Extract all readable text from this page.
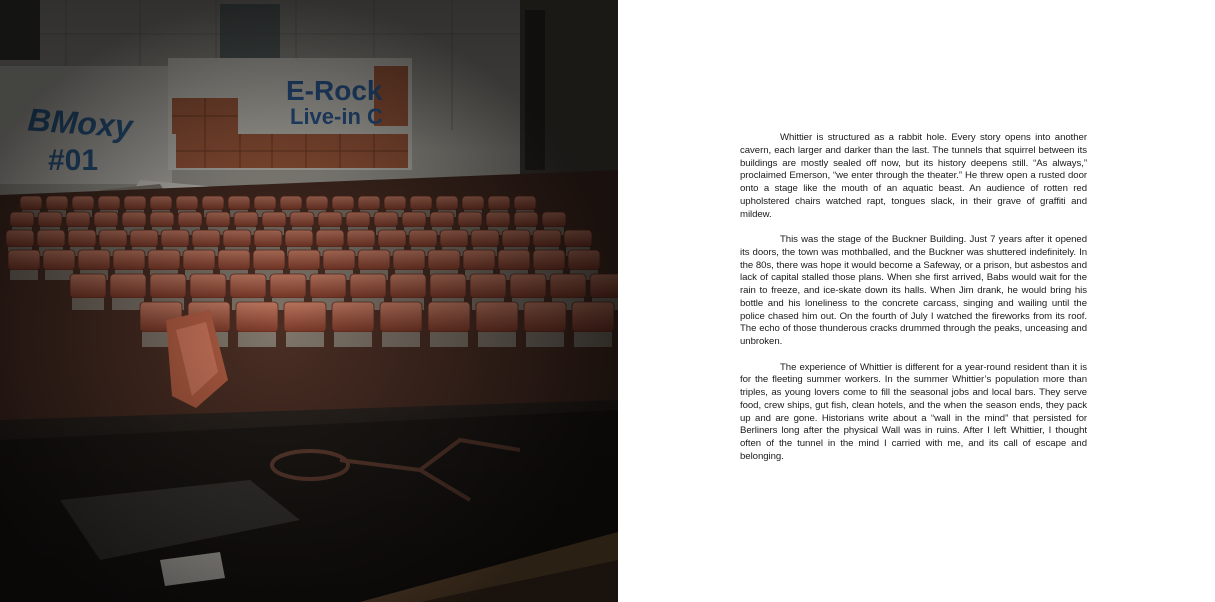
Whittier is structured as a rabbit hole. Every story opens into another cavern, each larger and darker than the last. The tunnels that squirrel between its buildings are mostly sealed off now, but its history deepens still. “As always,” proclaimed Emerson, “we enter through the theater.” He threw open a rusted door onto a stage like the mouth of an aquatic beast. An audience of rotten red upholstered chairs watched rapt, tongues slack, in their grave of graffiti and mildew.

This was the stage of the Buckner Building. Just 7 years after it opened its doors, the town was mothballed, and the Buckner was shuttered indefinitely. In the 80s, there was hope it would become a Safeway, or a prison, but asbestos and lack of capital stalled those plans. When she first arrived, Babs would wait for the rain to freeze, and ice-skate down its halls. When Jim drank, he would bring his bottle and his loneliness to the concrete carcass, singing and wailing until the police chased him out. On the fourth of July I watched the fireworks from its roof. The echo of those thunderous cracks drummed through the peaks, unceasing and unbroken.

The experience of Whittier is different for a year-round resident than it is for the fleeting summer workers. In the summer Whittier’s population more than triples, as young lovers come to fill the seasonal jobs and local bars. They serve food, crew ships, gut fish, clean hotels, and the when the season ends, they pack up and are gone. Historians write about a “wall in the mind” that persisted for Berliners long after the physical Wall was in ruins. After I left Whittier, I thought often of the tunnel in the mind I carried with me, and its call of escape and belonging.
